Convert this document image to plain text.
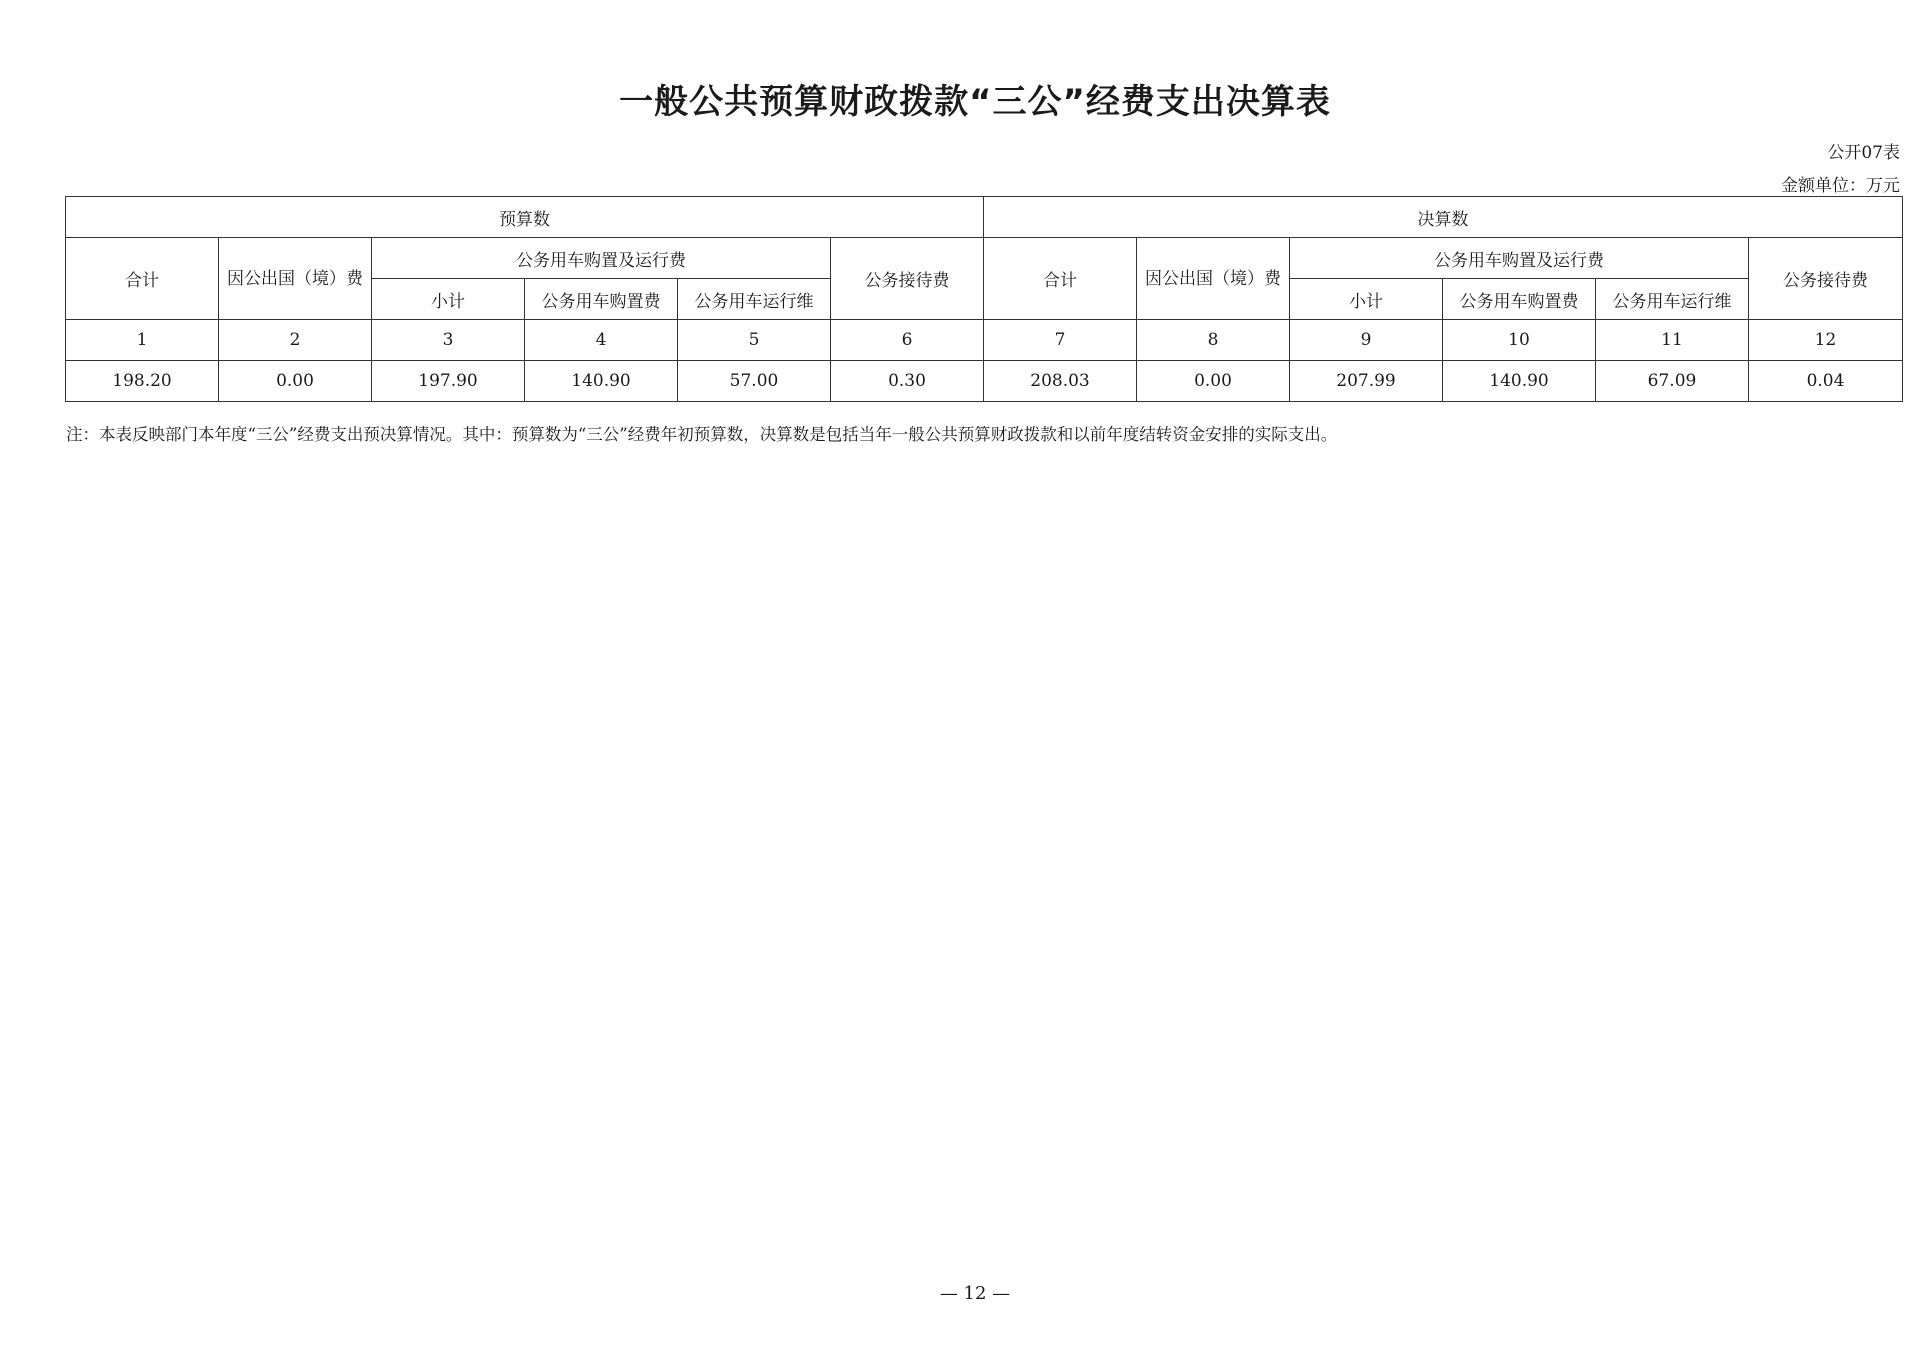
一般公共预算财政拨款“三公”经费支出决算表
公开07表
金额单位：万元
预算数						决算数					
合计	因公出国（境）费	公务用车购置及运行费			公务接待费	合计	因公出国（境）费	公务用车购置及运行费			公务接待费
		小计	公务用车购置费	公务用车运行维				小计	公务用车购置费	公务用车运行维	
1	2	3	4	5	6	7	8	9	10	11	12
198.20	0.00	197.90	140.90	57.00	0.30	208.03	0.00	207.99	140.90	67.09	0.04
注：本表反映部门本年度“三公”经费支出预决算情况。其中：预算数为“三公”经费年初预算数，决算数是包括当年一般公共预算财政拨款和以前年度结转资金安排的实际支出。
— 12 —
